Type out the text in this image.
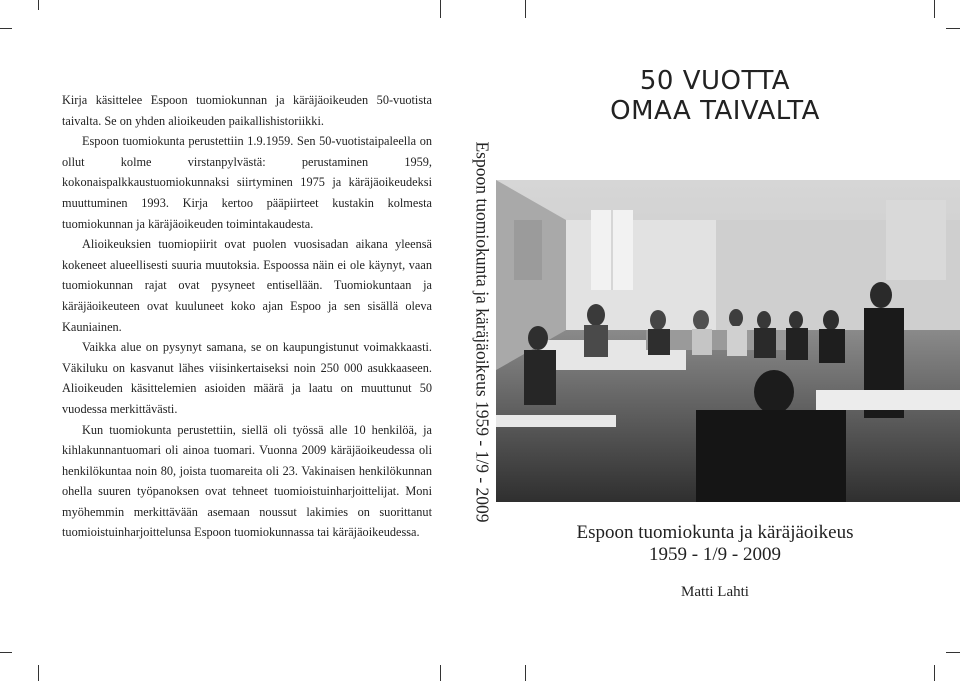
Kirja käsittelee Espoon tuomiokunnan ja käräjäoikeuden 50-vuotista taivalta. Se on yhden alioikeuden paikallishistoriikki.

Espoon tuomiokunta perustettiin 1.9.1959. Sen 50-vuotistaipaleella on ollut kolme virstanpylvästä: perustaminen 1959, kokonaispalkkaustuomiokunnaksi siirtyminen 1975 ja käräjäoikeudeksi muuttuminen 1993. Kirja kertoo pääpiirteet kustakin kolmesta tuomiokunnan ja käräjäoikeuden toimintakaudesta.

Alioikeuksien tuomiopiirit ovat puolen vuosisadan aikana yleensä kokeneet alueellisesti suuria muutoksia. Espoossa näin ei ole käynyt, vaan tuomiokunnan rajat ovat pysyneet entisellään. Tuomiokuntaan ja käräjäoikeuteen ovat kuuluneet koko ajan Espoo ja sen sisällä oleva Kauniainen.

Vaikka alue on pysynyt samana, se on kaupungistunut voimakkaasti. Väkiluku on kasvanut lähes viisinkertaiseksi noin 250 000 asukkaaseen. Alioikeuden käsittelemien asioiden määrä ja laatu on muuttunut 50 vuodessa merkittävästi.

Kun tuomiokunta perustettiin, siellä oli työssä alle 10 henkilöä, ja kihlakunnantuomari oli ainoa tuomari. Vuonna 2009 käräjäoikeudessa oli henkilökuntaa noin 80, joista tuomareita oli 23. Vakinaisen henkilökunnan ohella suuren työpanoksen ovat tehneet tuomioistuinharjoittelijat. Moni myöhemmin merkittävään asemaan noussut lakimies on suorittanut tuomioistuinharjoittelunsa Espoon tuomiokunnassa tai käräjäoikeudessa.

Espoon tuomiokunta ja käräjäoikeus 1959 - 1/9 - 2009
50 VUOTTA
OMAA TAIVALTA
Espoon tuomiokunta ja käräjäoikeus
1959 - 1/9 - 2009
Matti Lahti
